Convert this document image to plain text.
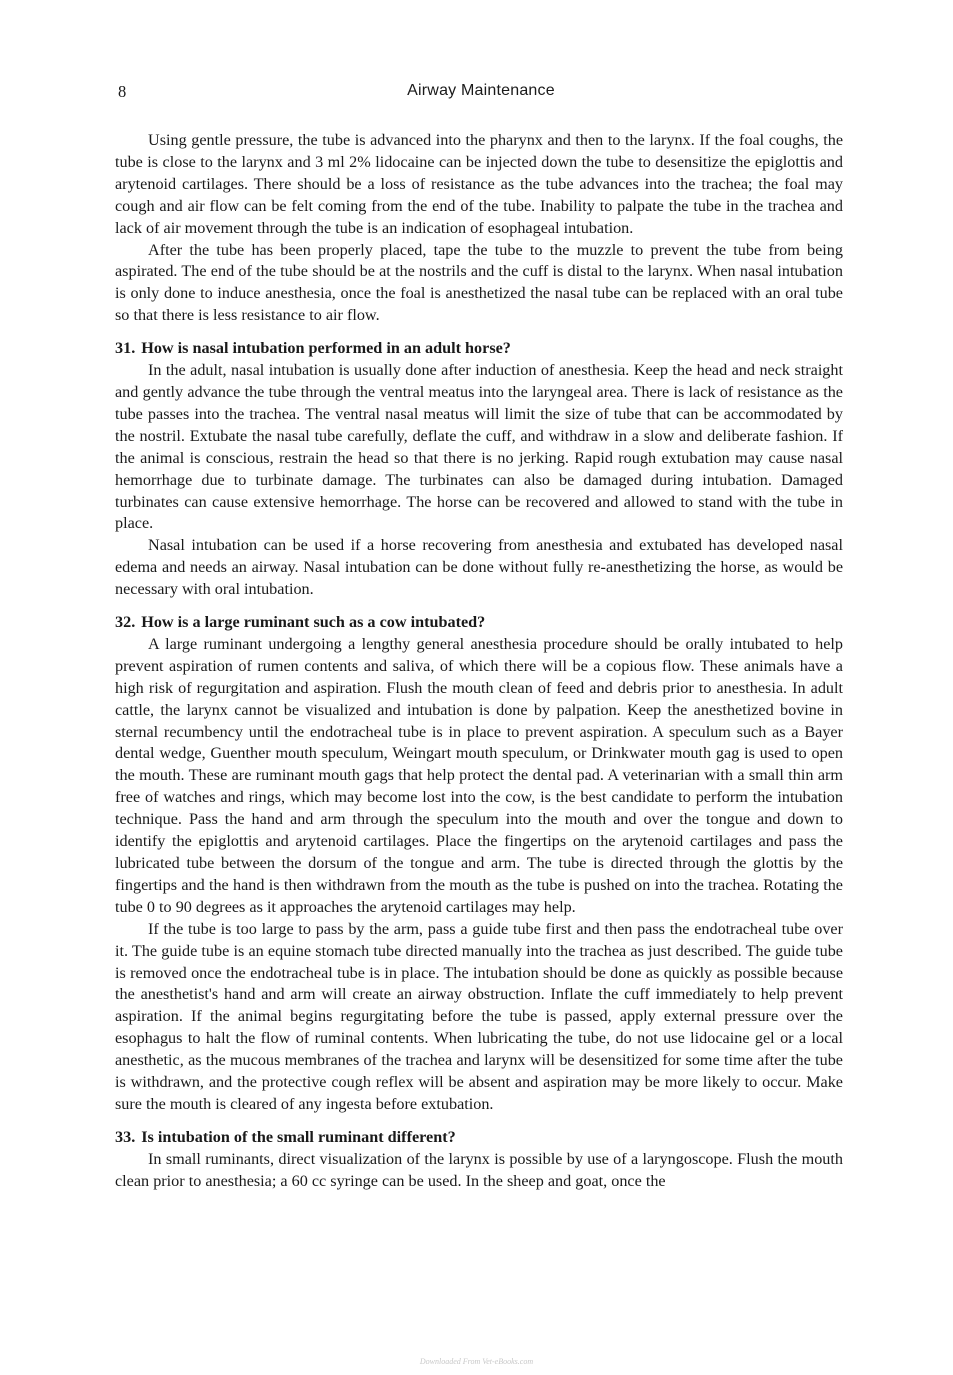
8	Airway Maintenance

Using gentle pressure, the tube is advanced into the pharynx and then to the larynx. If the foal coughs, the tube is close to the larynx and 3 ml 2% lidocaine can be injected down the tube to desensitize the epiglottis and arytenoid cartilages. There should be a loss of resistance as the tube advances into the trachea; the foal may cough and air flow can be felt coming from the end of the tube. Inability to palpate the tube in the trachea and lack of air movement through the tube is an indication of esophageal intubation.

After the tube has been properly placed, tape the tube to the muzzle to prevent the tube from being aspirated. The end of the tube should be at the nostrils and the cuff is distal to the larynx. When nasal intubation is only done to induce anesthesia, once the foal is anesthetized the nasal tube can be replaced with an oral tube so that there is less resistance to air flow.

31. How is nasal intubation performed in an adult horse?

In the adult, nasal intubation is usually done after induction of anesthesia. Keep the head and neck straight and gently advance the tube through the ventral meatus into the laryngeal area. There is lack of resistance as the tube passes into the trachea. The ventral nasal meatus will limit the size of tube that can be accommodated by the nostril. Extubate the nasal tube carefully, deflate the cuff, and withdraw in a slow and deliberate fashion. If the animal is conscious, restrain the head so that there is no jerking. Rapid rough extubation may cause nasal hemorrhage due to turbinate damage. The turbinates can also be damaged during intubation. Damaged turbinates can cause extensive hemorrhage. The horse can be recovered and allowed to stand with the tube in place.

Nasal intubation can be used if a horse recovering from anesthesia and extubated has developed nasal edema and needs an airway. Nasal intubation can be done without fully re-anesthetizing the horse, as would be necessary with oral intubation.

32. How is a large ruminant such as a cow intubated?

A large ruminant undergoing a lengthy general anesthesia procedure should be orally intubated to help prevent aspiration of rumen contents and saliva, of which there will be a copious flow. These animals have a high risk of regurgitation and aspiration. Flush the mouth clean of feed and debris prior to anesthesia. In adult cattle, the larynx cannot be visualized and intubation is done by palpation. Keep the anesthetized bovine in sternal recumbency until the endotracheal tube is in place to prevent aspiration. A speculum such as a Bayer dental wedge, Guenther mouth speculum, Weingart mouth speculum, or Drinkwater mouth gag is used to open the mouth. These are ruminant mouth gags that help protect the dental pad. A veterinarian with a small thin arm free of watches and rings, which may become lost into the cow, is the best candidate to perform the intubation technique. Pass the hand and arm through the speculum into the mouth and over the tongue and down to identify the epiglottis and arytenoid cartilages. Place the fingertips on the arytenoid cartilages and pass the lubricated tube between the dorsum of the tongue and arm. The tube is directed through the glottis by the fingertips and the hand is then withdrawn from the mouth as the tube is pushed on into the trachea. Rotating the tube 0 to 90 degrees as it approaches the arytenoid cartilages may help.

If the tube is too large to pass by the arm, pass a guide tube first and then pass the endotracheal tube over it. The guide tube is an equine stomach tube directed manually into the trachea as just described. The guide tube is removed once the endotracheal tube is in place. The intubation should be done as quickly as possible because the anesthetist's hand and arm will create an airway obstruction. Inflate the cuff immediately to help prevent aspiration. If the animal begins regurgitating before the tube is passed, apply external pressure over the esophagus to halt the flow of ruminal contents. When lubricating the tube, do not use lidocaine gel or a local anesthetic, as the mucous membranes of the trachea and larynx will be desensitized for some time after the tube is withdrawn, and the protective cough reflex will be absent and aspiration may be more likely to occur. Make sure the mouth is cleared of any ingesta before extubation.

33. Is intubation of the small ruminant different?

In small ruminants, direct visualization of the larynx is possible by use of a laryngoscope. Flush the mouth clean prior to anesthesia; a 60 cc syringe can be used. In the sheep and goat, once the

Downloaded From Vet-eBooks.com
